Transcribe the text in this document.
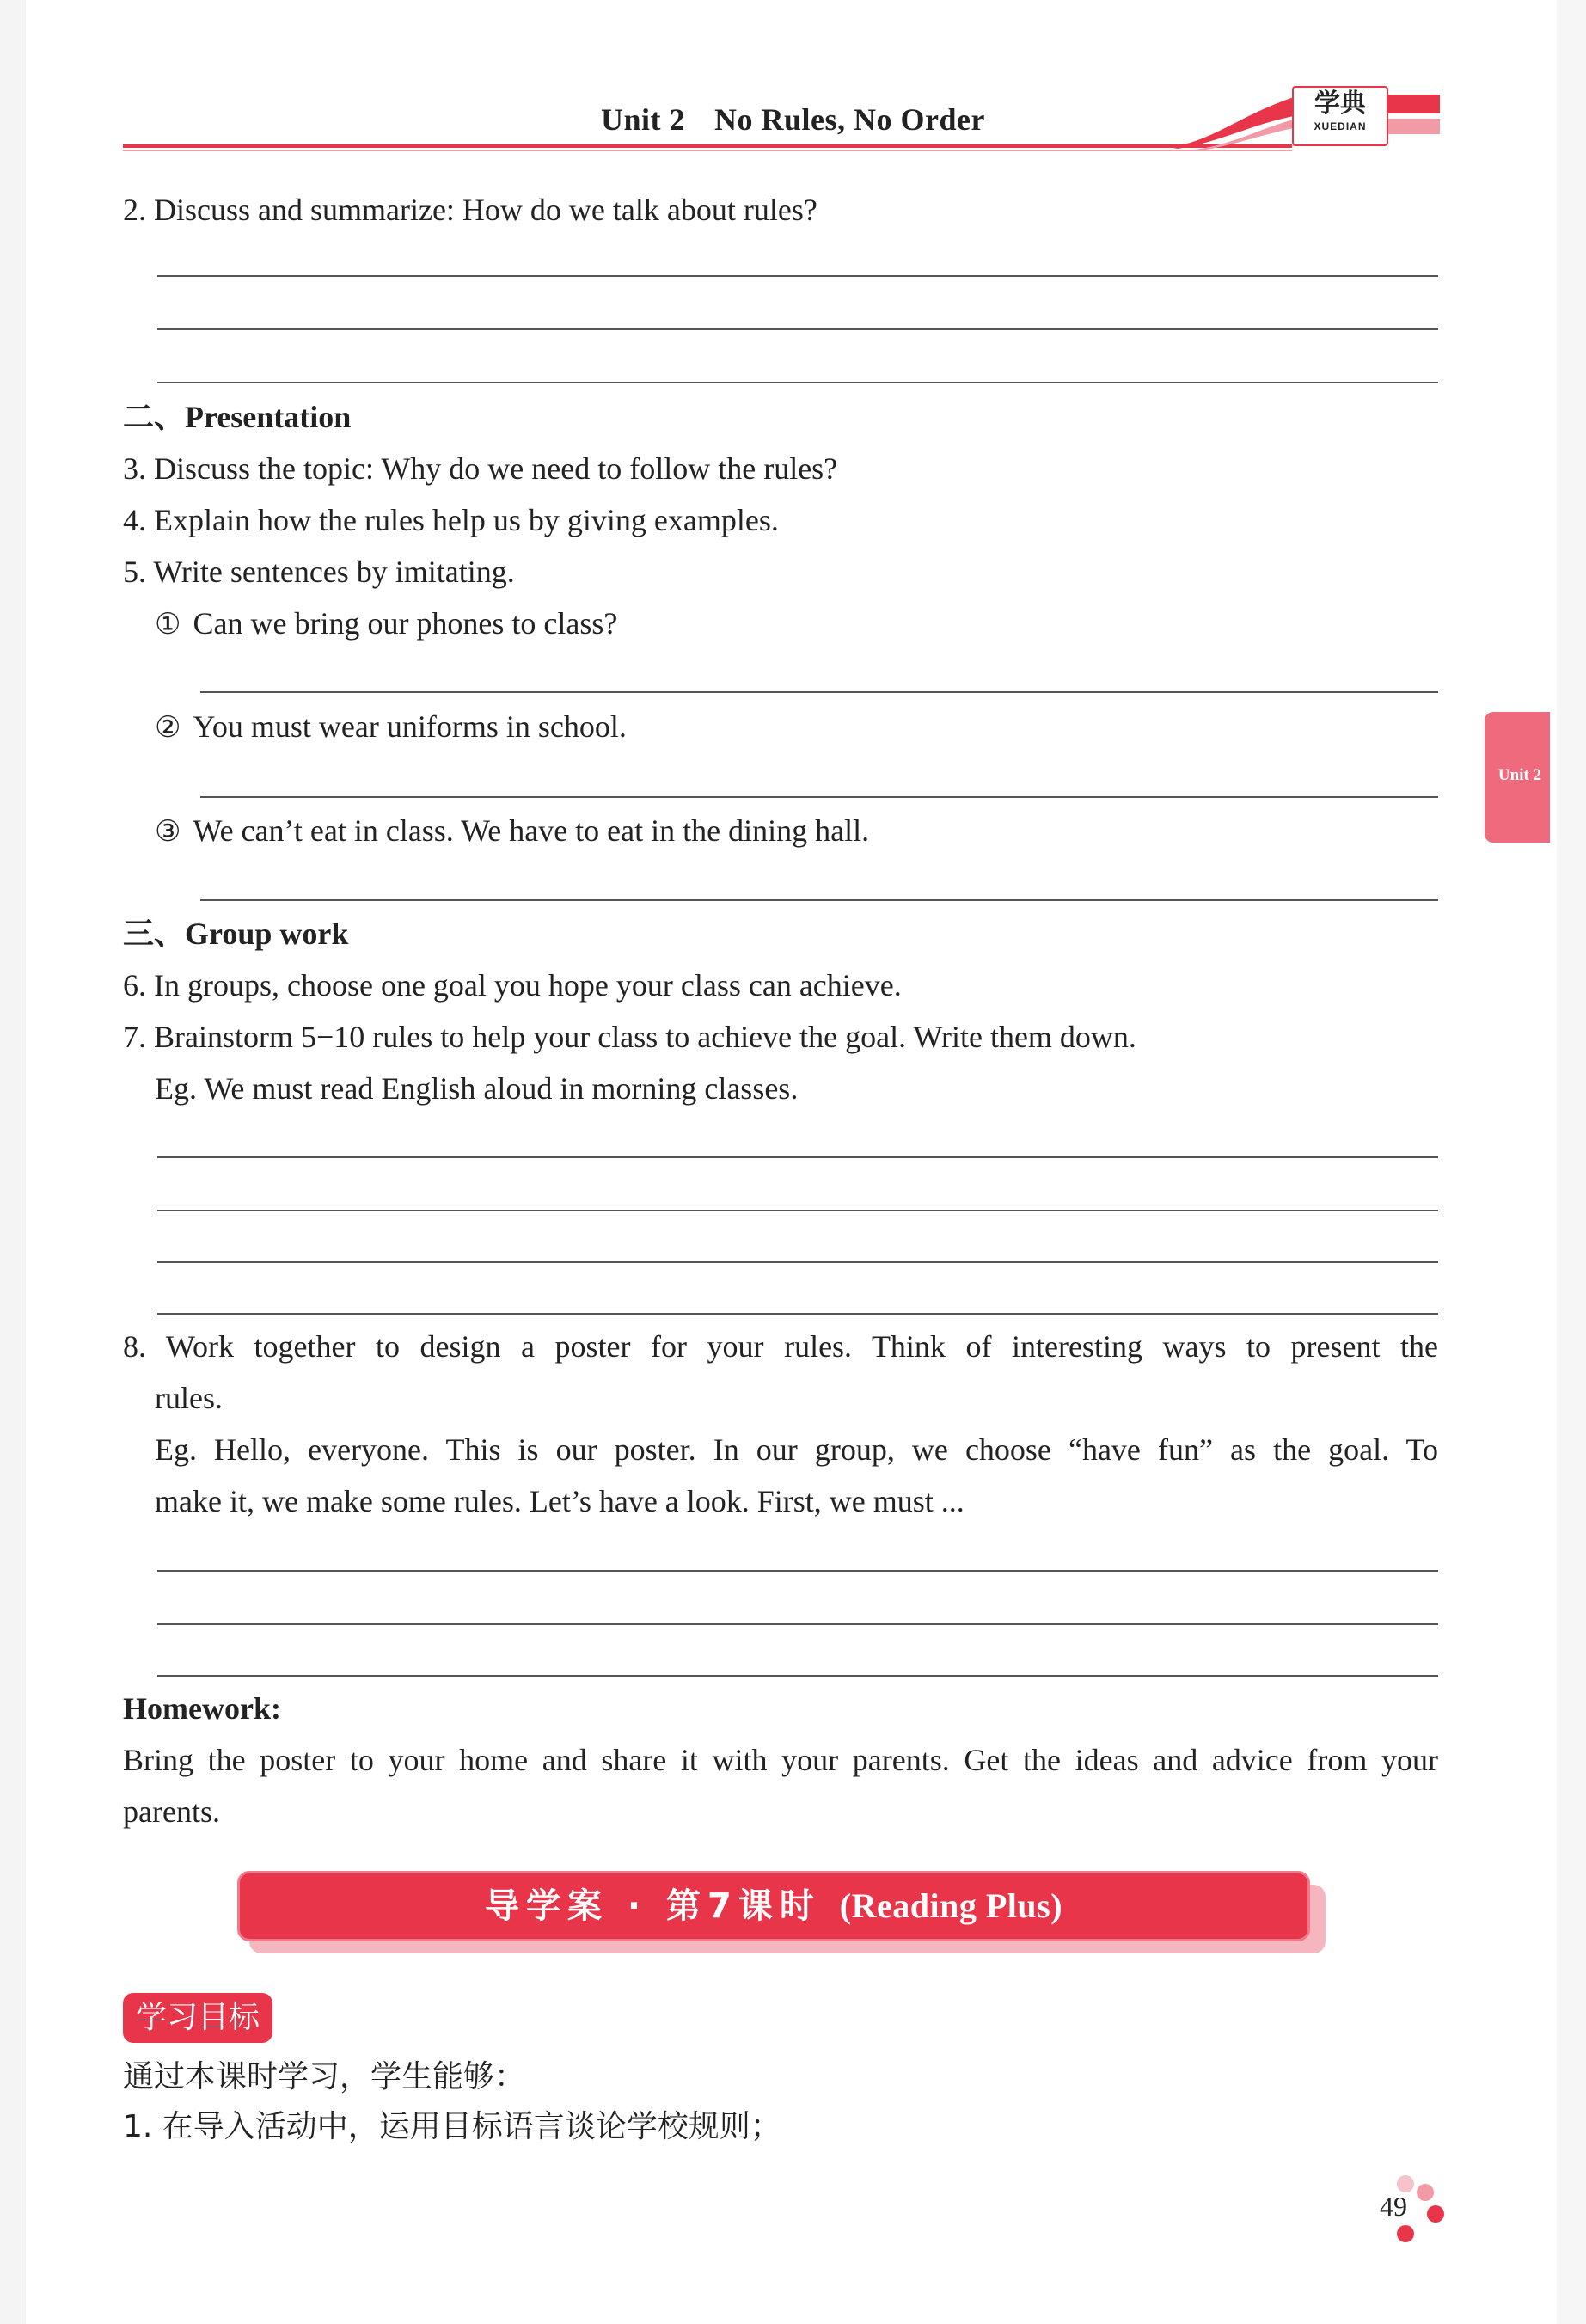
Unit 2 No Rules, No Order	学典
XUEDIAN
Unit 2
2. Discuss and summarize: How do we talk about rules?
二、Presentation
3. Discuss the topic: Why do we need to follow the rules?
4. Explain how the rules help us by giving examples.
5. Write sentences by imitating.
① Can we bring our phones to class?
② You must wear uniforms in school.
③ We can’t eat in class. We have to eat in the dining hall.
三、Group work
6. In groups, choose one goal you hope your class can achieve.
7. Brainstorm 5−10 rules to help your class to achieve the goal. Write them down.
Eg. We must read English aloud in morning classes.
8. Work together to design a poster for your rules. Think of interesting ways to present the
rules.
Eg. Hello, everyone. This is our poster. In our group, we choose “have fun” as the goal. To
make it, we make some rules. Let’s have a look. First, we must ...
Homework:
Bring the poster to your home and share it with your parents. Get the ideas and advice from your
parents.
导学案 · 第7课时 (Reading Plus)
学习目标
通过本课时学习，学生能够：
1. 在导入活动中，运用目标语言谈论学校规则；
49
